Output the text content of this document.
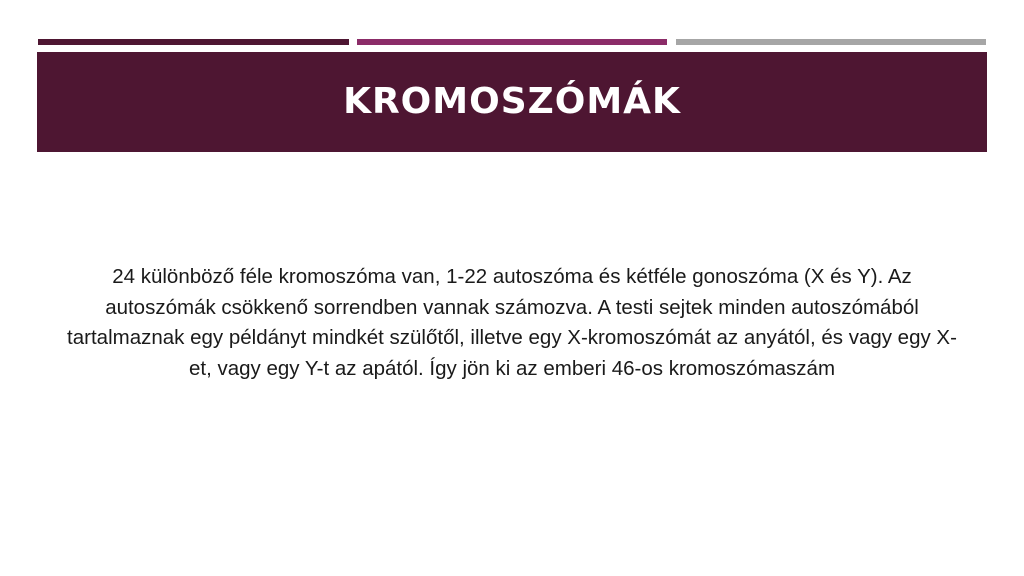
KROMOSZÓMÁK

24 különböző féle kromoszóma van, 1-22 autoszóma és kétféle gonoszóma (X és Y). Az autoszómák csökkenő sorrendben vannak számozva. A testi sejtek minden autoszómából tartalmaznak egy példányt mindkét szülőtől, illetve egy X-kromoszómát az anyától, és vagy egy X-et, vagy egy Y-t az apától. Így jön ki az emberi 46-os kromoszómaszám
